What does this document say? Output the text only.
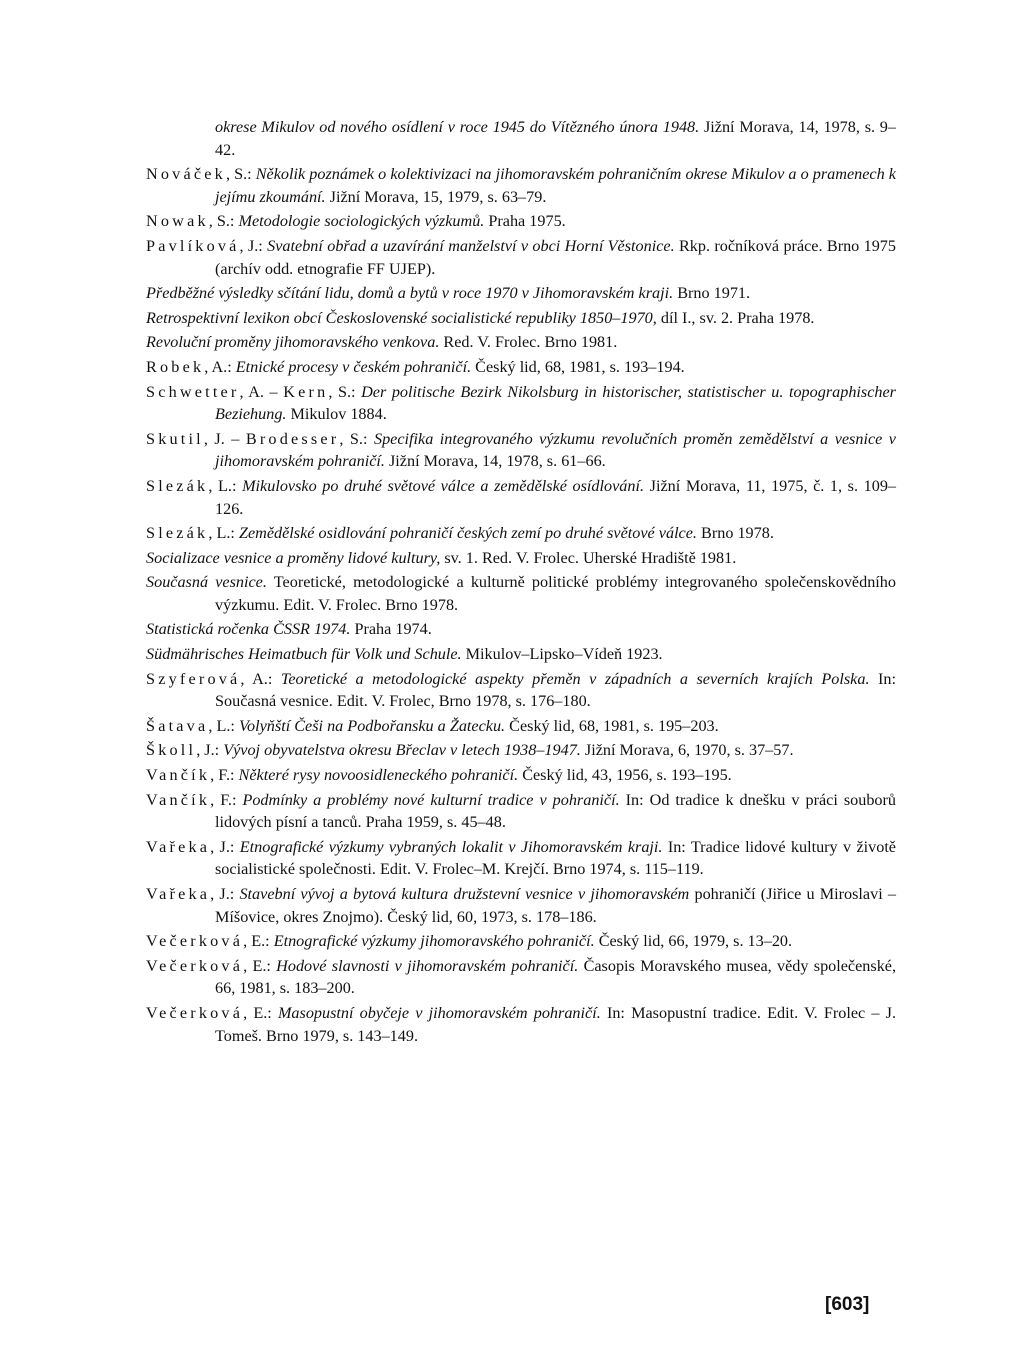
okrese Mikulov od nového osídlení v roce 1945 do Vítězného února 1948. Jižní Morava, 14, 1978, s. 9–42.
Nováček, S.: Několik poznámek o kolektivizaci na jihomoravském pohraničním okrese Mikulov a o pramenech k jejímu zkoumání. Jižní Morava, 15, 1979, s. 63–79.
Nowak, S.: Metodologie sociologických výzkumů. Praha 1975.
Pavlíková, J.: Svatební obřad a uzavírání manželství v obci Horní Věstonice. Rkp. ročníková práce. Brno 1975 (archív odd. etnografie FF UJEP).
Předběžné výsledky sčítání lidu, domů a bytů v roce 1970 v Jihomoravském kraji. Brno 1971.
Retrospektivní lexikon obcí Československé socialistické republiky 1850–1970, díl I., sv. 2. Praha 1978.
Revoluční proměny jihomoravského venkova. Red. V. Frolec. Brno 1981.
Robek, A.: Etnické procesy v českém pohraničí. Český lid, 68, 1981, s. 193–194.
Schwetter, A. – Kern, S.: Der politische Bezirk Nikolsburg in historischer, statistischer u. topographischer Beziehung. Mikulov 1884.
Skutil, J. – Brodesser, S.: Specifika integrovaného výzkumu revolučních proměn zemědělství a vesnice v jihomoravském pohraničí. Jižní Morava, 14, 1978, s. 61–66.
Slezák, L.: Mikulovsko po druhé světové válce a zemědělské osídlování. Jižní Morava, 11, 1975, č. 1, s. 109–126.
Slezák, L.: Zemědělské osidlování pohraničí českých zemí po druhé světové válce. Brno 1978.
Socializace vesnice a proměny lidové kultury, sv. 1. Red. V. Frolec. Uherské Hradiště 1981.
Současná vesnice. Teoretické, metodologické a kulturně politické problémy integrovaného společenskovědního výzkumu. Edit. V. Frolec. Brno 1978.
Statistická ročenka ČSSR 1974. Praha 1974.
Südmährisches Heimatbuch für Volk und Schule. Mikulov–Lipsko–Vídeň 1923.
Szyferová, A.: Teoretické a metodologické aspekty přeměn v západních a severních krajích Polska. In: Současná vesnice. Edit. V. Frolec, Brno 1978, s. 176–180.
Šatava, L.: Volyňští Češi na Podbořansku a Žatecku. Český lid, 68, 1981, s. 195–203.
Školl, J.: Vývoj obyvatelstva okresu Břeclav v letech 1938–1947. Jižní Morava, 6, 1970, s. 37–57.
Vančík, F.: Některé rysy novoosidleneckého pohraničí. Český lid, 43, 1956, s. 193–195.
Vančík, F.: Podmínky a problémy nové kulturní tradice v pohraničí. In: Od tradice k dnešku v práci souborů lidových písní a tanců. Praha 1959, s. 45–48.
Vařeka, J.: Etnografické výzkumy vybraných lokalit v Jihomoravském kraji. In: Tradice lidové kultury v životě socialistické společnosti. Edit. V. Frolec–M. Krejčí. Brno 1974, s. 115–119.
Vařeka, J.: Stavební vývoj a bytová kultura družstevní vesnice v jihomoravském pohraničí (Jiřice u Miroslavi – Míšovice, okres Znojmo). Český lid, 60, 1973, s. 178–186.
Večerková, E.: Etnografické výzkumy jihomoravského pohraničí. Český lid, 66, 1979, s. 13–20.
Večerková, E.: Hodové slavnosti v jihomoravském pohraničí. Časopis Moravského musea, vědy společenské, 66, 1981, s. 183–200.
Večerková, E.: Masopustní obyčeje v jihomoravském pohraničí. In: Masopustní tradice. Edit. V. Frolec – J. Tomeš. Brno 1979, s. 143–149.
[603]
